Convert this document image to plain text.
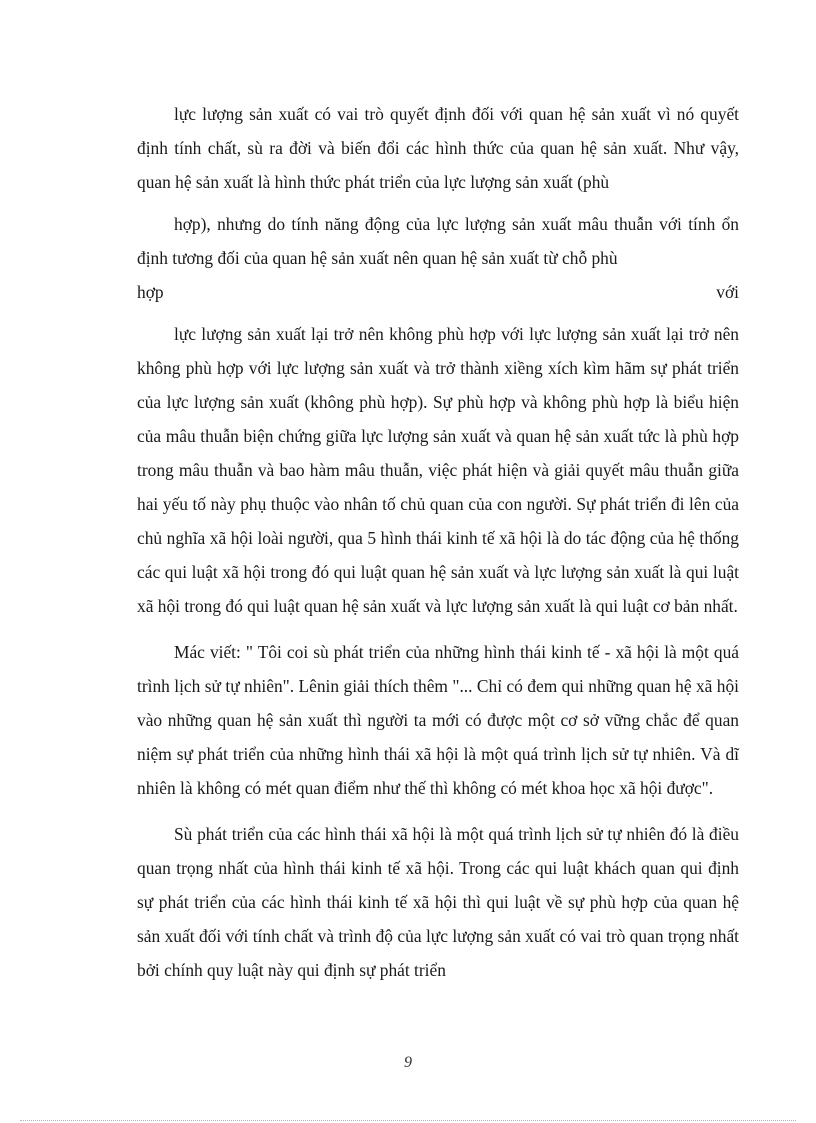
lực lượng sản xuất có vai trò quyết định đối với quan hệ sản xuất vì nó quyết định tính chất, sù ra đời và biến đổi các hình thức của quan hệ sản xuất. Như vậy, quan hệ sản xuất là hình thức phát triển của lực lượng sản xuất (phù

hợp), nhưng do tính năng động của lực lượng sản xuất mâu thuẫn với tính ổn định tương đối của quan hệ sản xuất nên quan hệ sản xuất từ chỗ phù

hợp	với

lực lượng sản xuất lại trở nên không phù hợp với lực lượng sản xuất lại trở nên không phù hợp với lực lượng sản xuất và trở thành xiềng xích kìm hãm sự phát triển của lực lượng sản xuất (không phù hợp). Sự phù hợp và không phù hợp là biểu hiện của mâu thuẫn biện chứng giữa lực lượng sản xuất và quan hệ sản xuất tức là phù hợp trong mâu thuẫn và bao hàm mâu thuẫn, việc phát hiện và giải quyết mâu thuẫn giữa hai yếu tố này phụ thuộc vào nhân tố chủ quan của con người. Sự phát triển đi lên của chủ nghĩa xã hội loài người, qua 5 hình thái kinh tế xã hội là do tác động của hệ thống các qui luật xã hội trong đó qui luật quan hệ sản xuất và lực lượng sản xuất là qui luật xã hội trong đó qui luật quan hệ sản xuất và lực lượng sản xuất là qui luật cơ bản nhất.

Mác viết: " Tôi coi sù phát triển của những hình thái kinh tế - xã hội là một quá trình lịch sử tự nhiên". Lênin giải thích thêm "... Chỉ có đem qui những quan hệ xã hội vào những quan hệ sản xuất thì người ta mới có được một cơ sở vững chắc để quan niệm sự phát triển của những hình thái xã hội là một quá trình lịch sử tự nhiên. Và dĩ nhiên là không có mét quan điểm như thế thì không có mét khoa học xã hội được".

Sù phát triển của các hình thái xã hội là một quá trình lịch sử tự nhiên đó là điều quan trọng nhất của hình thái kinh tế xã hội. Trong các qui luật khách quan qui định sự phát triển của các hình thái kinh tế xã hội thì qui luật về sự phù hợp của quan hệ sản xuất đối với tính chất và trình độ của lực lượng sản xuất có vai trò quan trọng nhất bởi chính quy luật này qui định sự phát triển

9
